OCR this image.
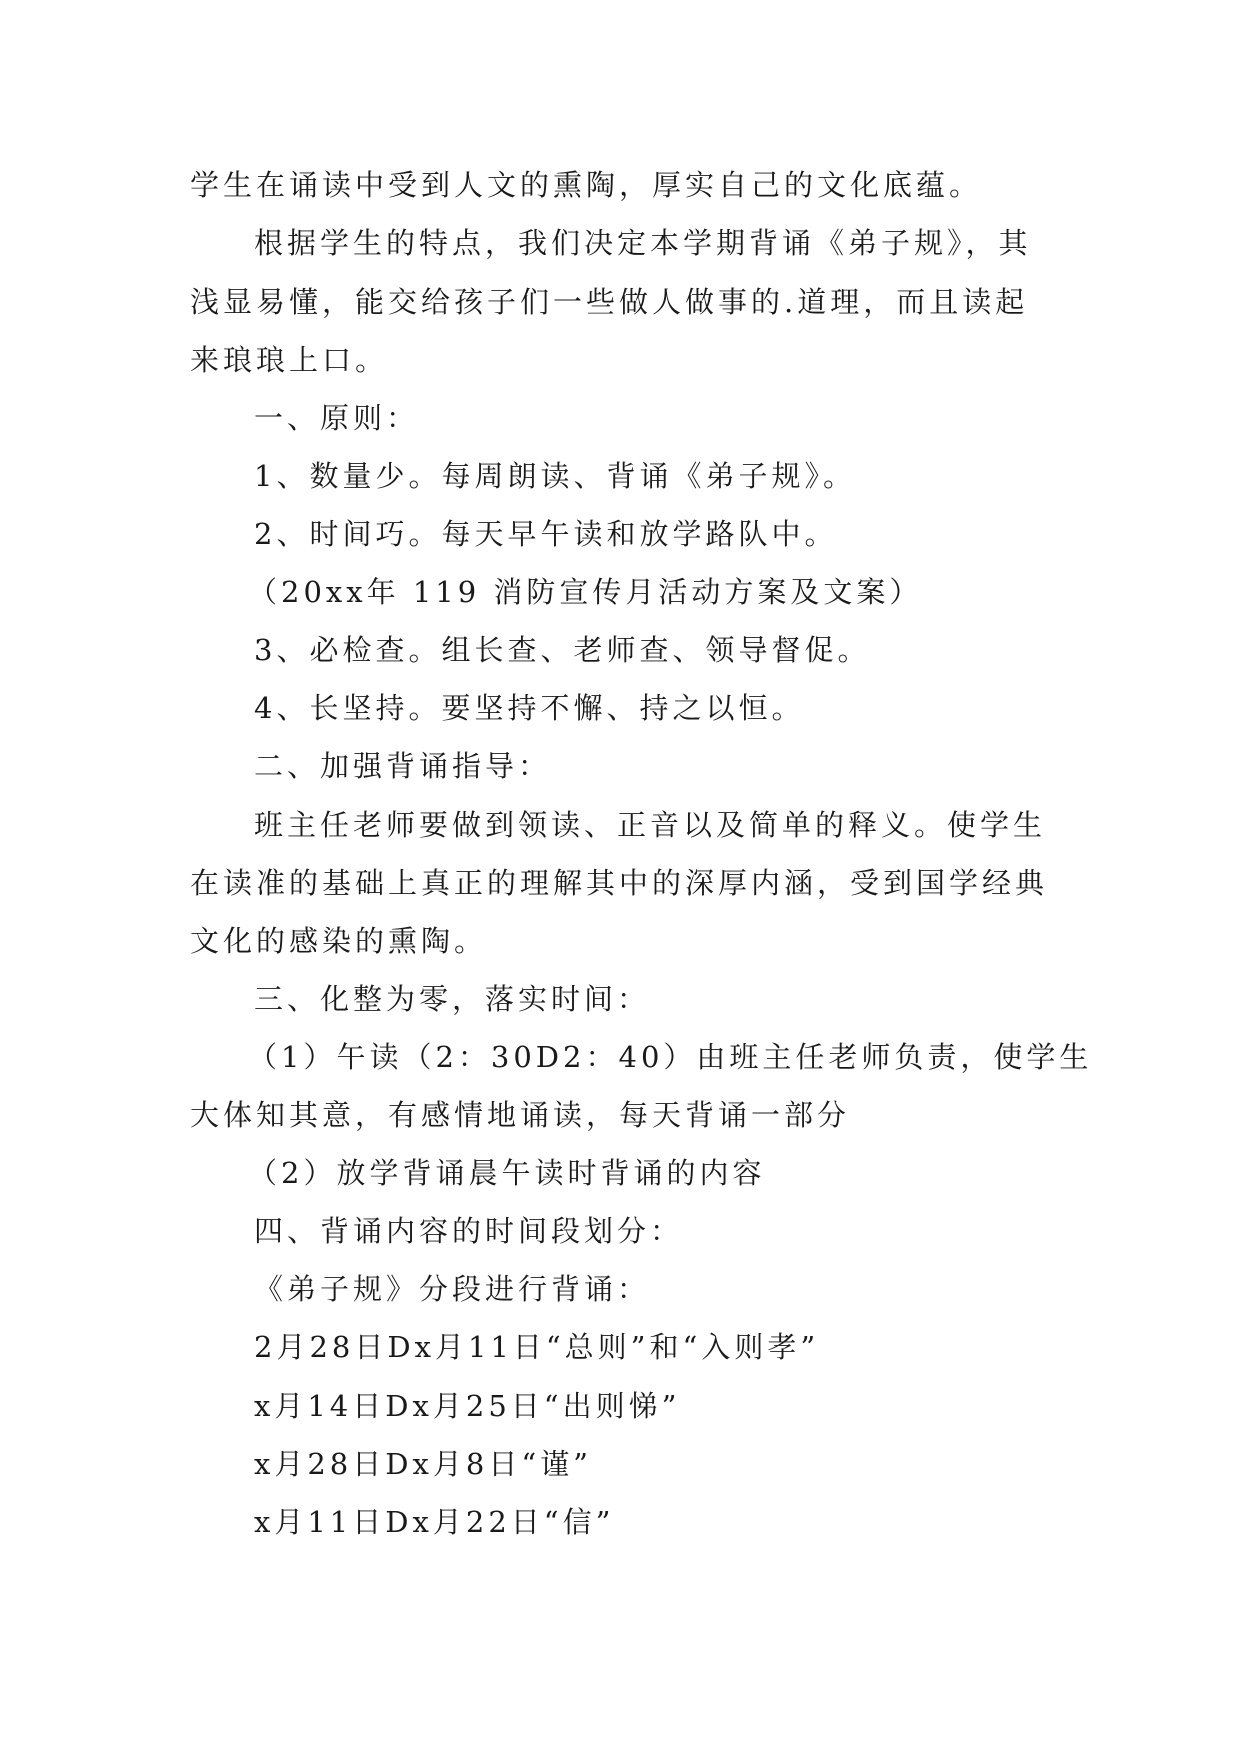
学生在诵读中受到人文的熏陶，厚实自己的文化底蕴。
根据学生的特点，我们决定本学期背诵《弟子规》，其
浅显易懂，能交给孩子们一些做人做事的.道理，而且读起
来琅琅上口。
一、原则：
1、数量少。每周朗读、背诵《弟子规》。
2、时间巧。每天早午读和放学路队中。
（20xx年 119 消防宣传月活动方案及文案）
3、必检查。组长查、老师查、领导督促。
4、长坚持。要坚持不懈、持之以恒。
二、加强背诵指导：
班主任老师要做到领读、正音以及简单的释义。使学生
在读准的基础上真正的理解其中的深厚内涵，受到国学经典
文化的感染的熏陶。
三、化整为零，落实时间：
（1）午读（2：30D2：40）由班主任老师负责，使学生
大体知其意，有感情地诵读，每天背诵一部分
（2）放学背诵晨午读时背诵的内容
四、背诵内容的时间段划分：
《弟子规》分段进行背诵：
2月28日Dx月11日“总则”和“入则孝”
x月14日Dx月25日“出则悌”
x月28日Dx月8日“谨”
x月11日Dx月22日“信”
